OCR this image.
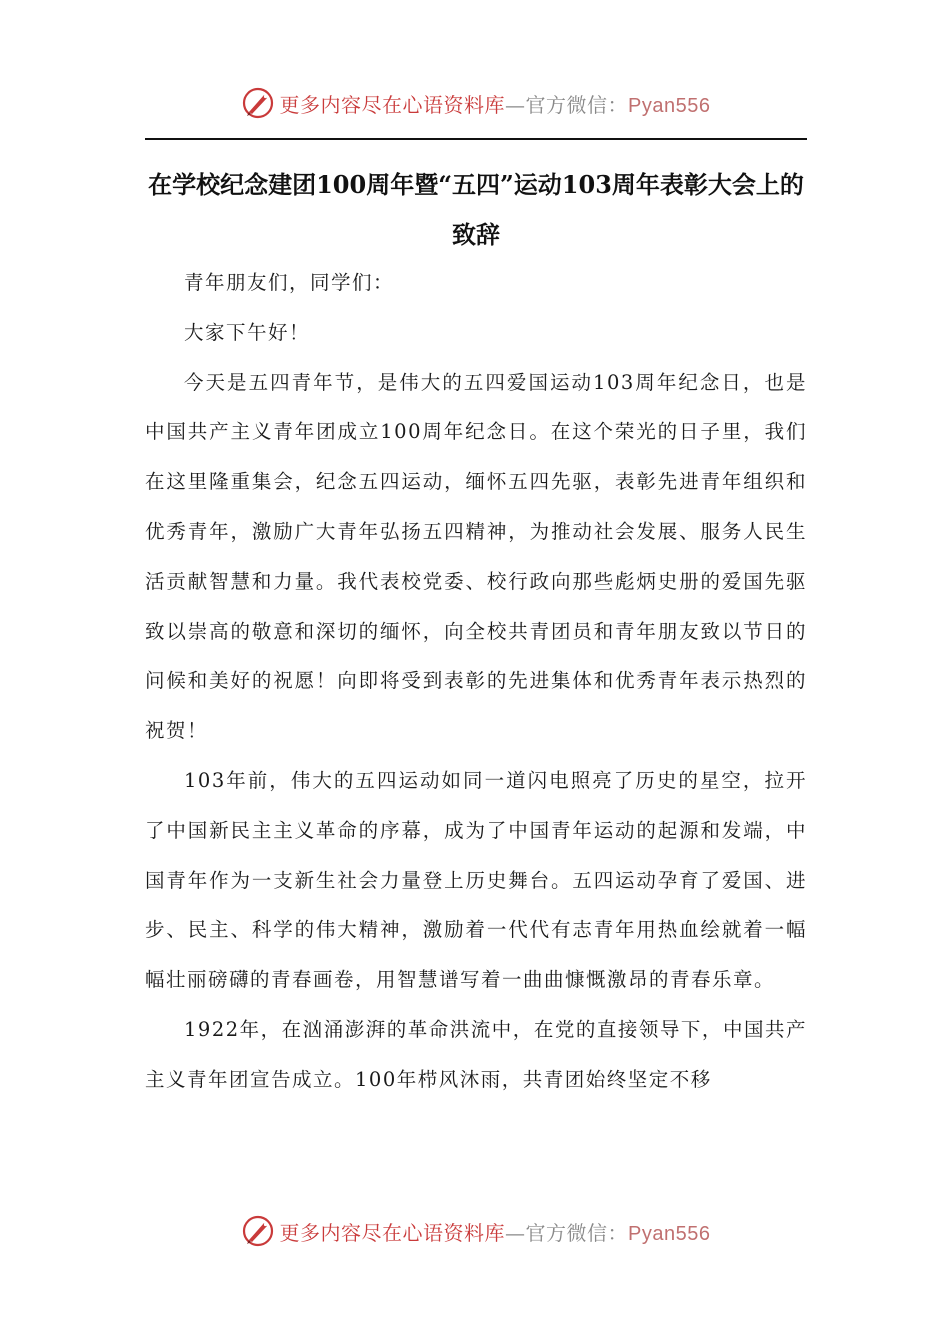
更多内容尽在心语资料库—官方微信：Pyan556
在学校纪念建团100周年暨“五四”运动103周年表彰大会上的致辞

青年朋友们，同学们：

大家下午好！

今天是五四青年节，是伟大的五四爱国运动103周年纪念日，也是中国共产主义青年团成立100周年纪念日。在这个荣光的日子里，我们在这里隆重集会，纪念五四运动，缅怀五四先驱，表彰先进青年组织和优秀青年，激励广大青年弘扬五四精神，为推动社会发展、服务人民生活贡献智慧和力量。我代表校党委、校行政向那些彪炳史册的爱国先驱致以崇高的敬意和深切的缅怀，向全校共青团员和青年朋友致以节日的问候和美好的祝愿！向即将受到表彰的先进集体和优秀青年表示热烈的祝贺！

103年前，伟大的五四运动如同一道闪电照亮了历史的星空，拉开了中国新民主主义革命的序幕，成为了中国青年运动的起源和发端，中国青年作为一支新生社会力量登上历史舞台。五四运动孕育了爱国、进步、民主、科学的伟大精神，激励着一代代有志青年用热血绘就着一幅幅壮丽磅礴的青春画卷，用智慧谱写着一曲曲慷慨激昂的青春乐章。

1922年，在汹涌澎湃的革命洪流中，在党的直接领导下，中国共产主义青年团宣告成立。100年栉风沐雨，共青团始终坚定不移

更多内容尽在心语资料库—官方微信：Pyan556
